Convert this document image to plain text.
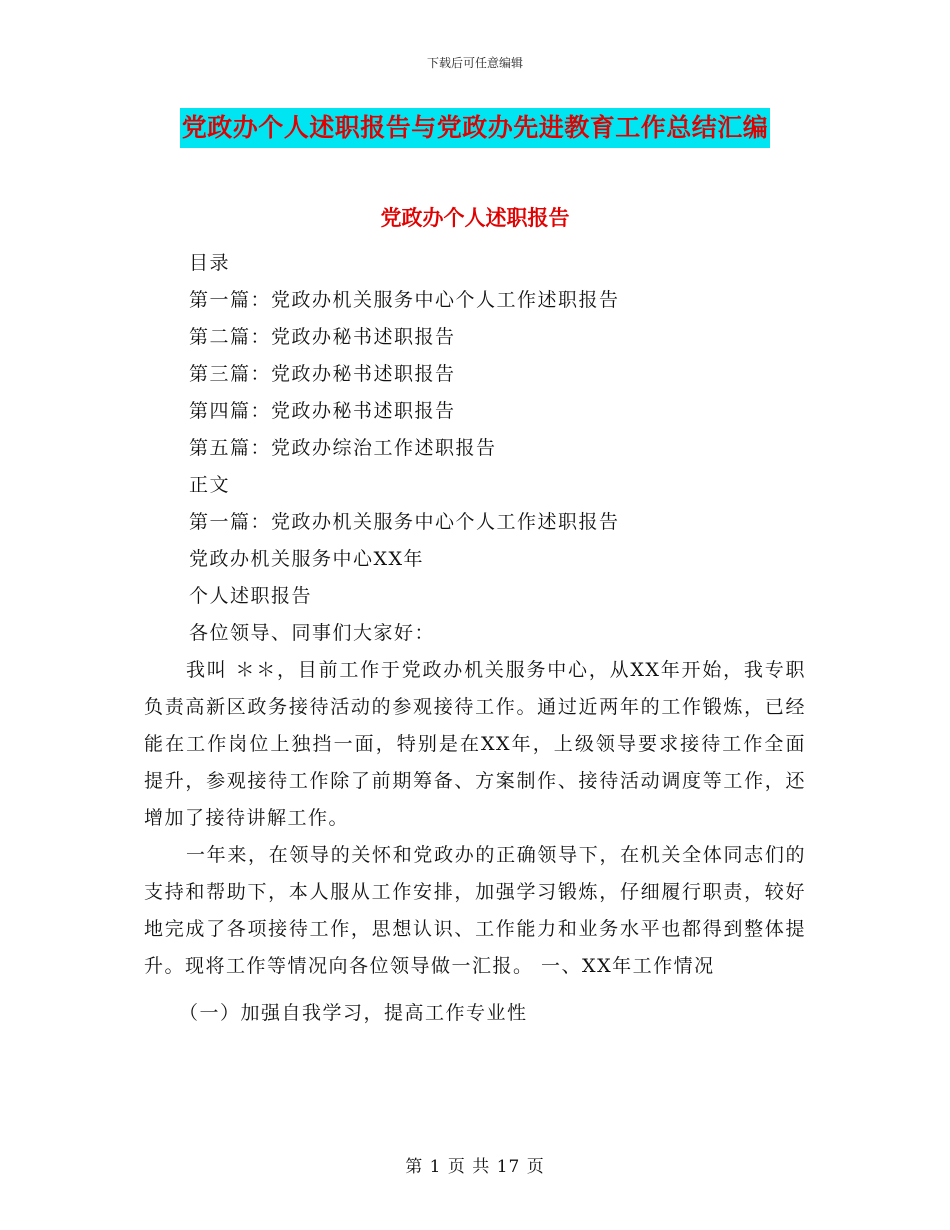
下载后可任意编辑
党政办个人述职报告与党政办先进教育工作总结汇编
党政办个人述职报告
目录
第一篇：党政办机关服务中心个人工作述职报告
第二篇：党政办秘书述职报告
第三篇：党政办秘书述职报告
第四篇：党政办秘书述职报告
第五篇：党政办综治工作述职报告
正文
第一篇：党政办机关服务中心个人工作述职报告
党政办机关服务中心XX年
个人述职报告
各位领导、同事们大家好：

我叫 ＊＊，目前工作于党政办机关服务中心，从XX年开始，我专职负责高新区政务接待活动的参观接待工作。通过近两年的工作锻炼，已经能在工作岗位上独挡一面，特别是在XX年，上级领导要求接待工作全面提升，参观接待工作除了前期筹备、方案制作、接待活动调度等工作，还增加了接待讲解工作。

一年来，在领导的关怀和党政办的正确领导下，在机关全体同志们的支持和帮助下，本人服从工作安排，加强学习锻炼，仔细履行职责，较好地完成了各项接待工作，思想认识、工作能力和业务水平也都得到整体提升。现将工作等情况向各位领导做一汇报。 一、XX年工作情况

（一）加强自我学习，提高工作专业性
第 1 页 共 17 页
